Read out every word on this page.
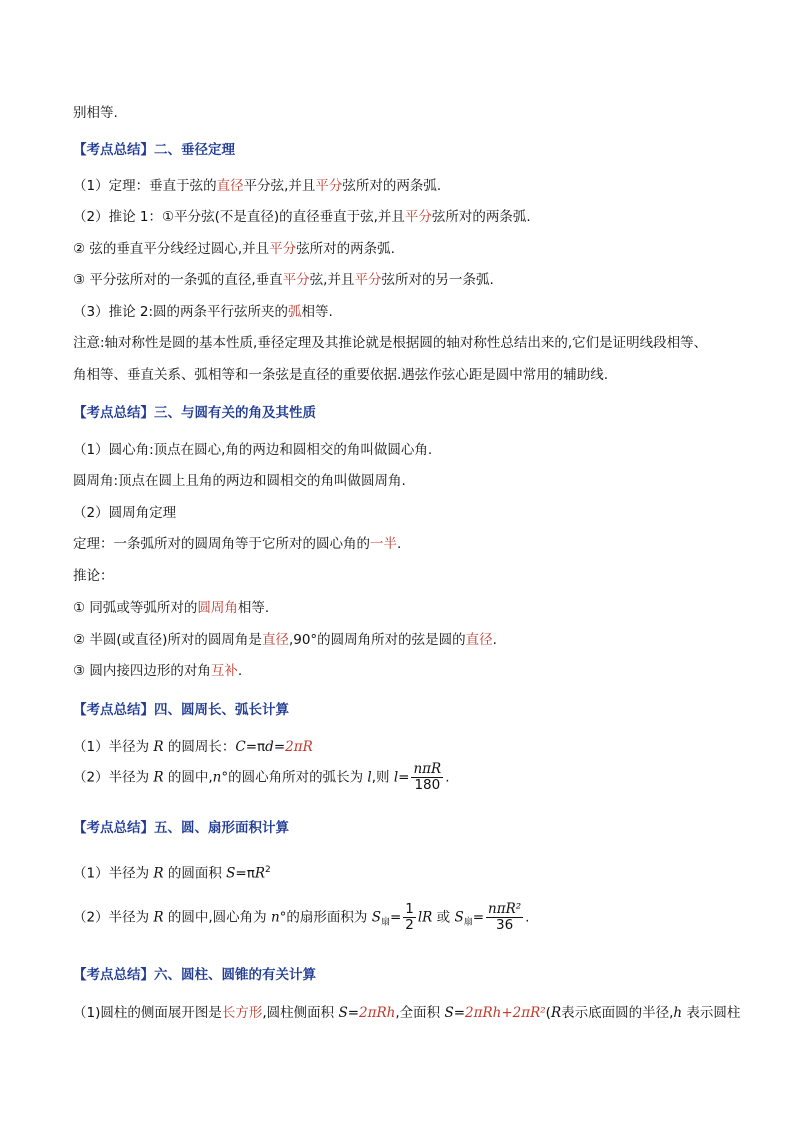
别相等.
【考点总结】二、垂径定理
（1）定理：垂直于弦的直径平分弦,并且平分弦所对的两条弧.
（2）推论 1：①平分弦(不是直径)的直径垂直于弦,并且平分弦所对的两条弧.
② 弦的垂直平分线经过圆心,并且平分弦所对的两条弧.
③ 平分弦所对的一条弧的直径,垂直平分弦,并且平分弦所对的另一条弧.
（3）推论 2:圆的两条平行弦所夹的弧相等.
注意:轴对称性是圆的基本性质,垂径定理及其推论就是根据圆的轴对称性总结出来的,它们是证明线段相等、
角相等、垂直关系、弧相等和一条弦是直径的重要依据.遇弦作弦心距是圆中常用的辅助线.
【考点总结】三、与圆有关的角及其性质
（1）圆心角:顶点在圆心,角的两边和圆相交的角叫做圆心角.
圆周角:顶点在圆上且角的两边和圆相交的角叫做圆周角.
（2）圆周角定理
定理：一条弧所对的圆周角等于它所对的圆心角的一半.
推论：
① 同弧或等弧所对的圆周角相等.
② 半圆(或直径)所对的圆周角是直径,90°的圆周角所对的弦是圆的直径.
③ 圆内接四边形的对角互补.
【考点总结】四、圆周长、弧长计算
（1）半径为 R 的圆周长：C=πd=2πR
（2）半径为 R 的圆中,n°的圆心角所对的弧长为 l,则 $l= \frac{\text{nπR}}{180}$ .
【考点总结】五、圆、扇形面积计算
（1）半径为 R 的圆面积 $S=\pi R^2$
（2）半径为 R 的圆中,圆心角为 n°的扇形面积为 $S_扇= \frac{1}{2}$ lR 或 $S_扇= \frac{\text{nπR²}}{36}$ .
【考点总结】六、圆柱、圆锥的有关计算
（1)圆柱的侧面展开图是长方形,圆柱侧面积 S=2πRh,全面积 S=2πRh+2πR²(R表示底面圆的半径,h 表示圆柱
